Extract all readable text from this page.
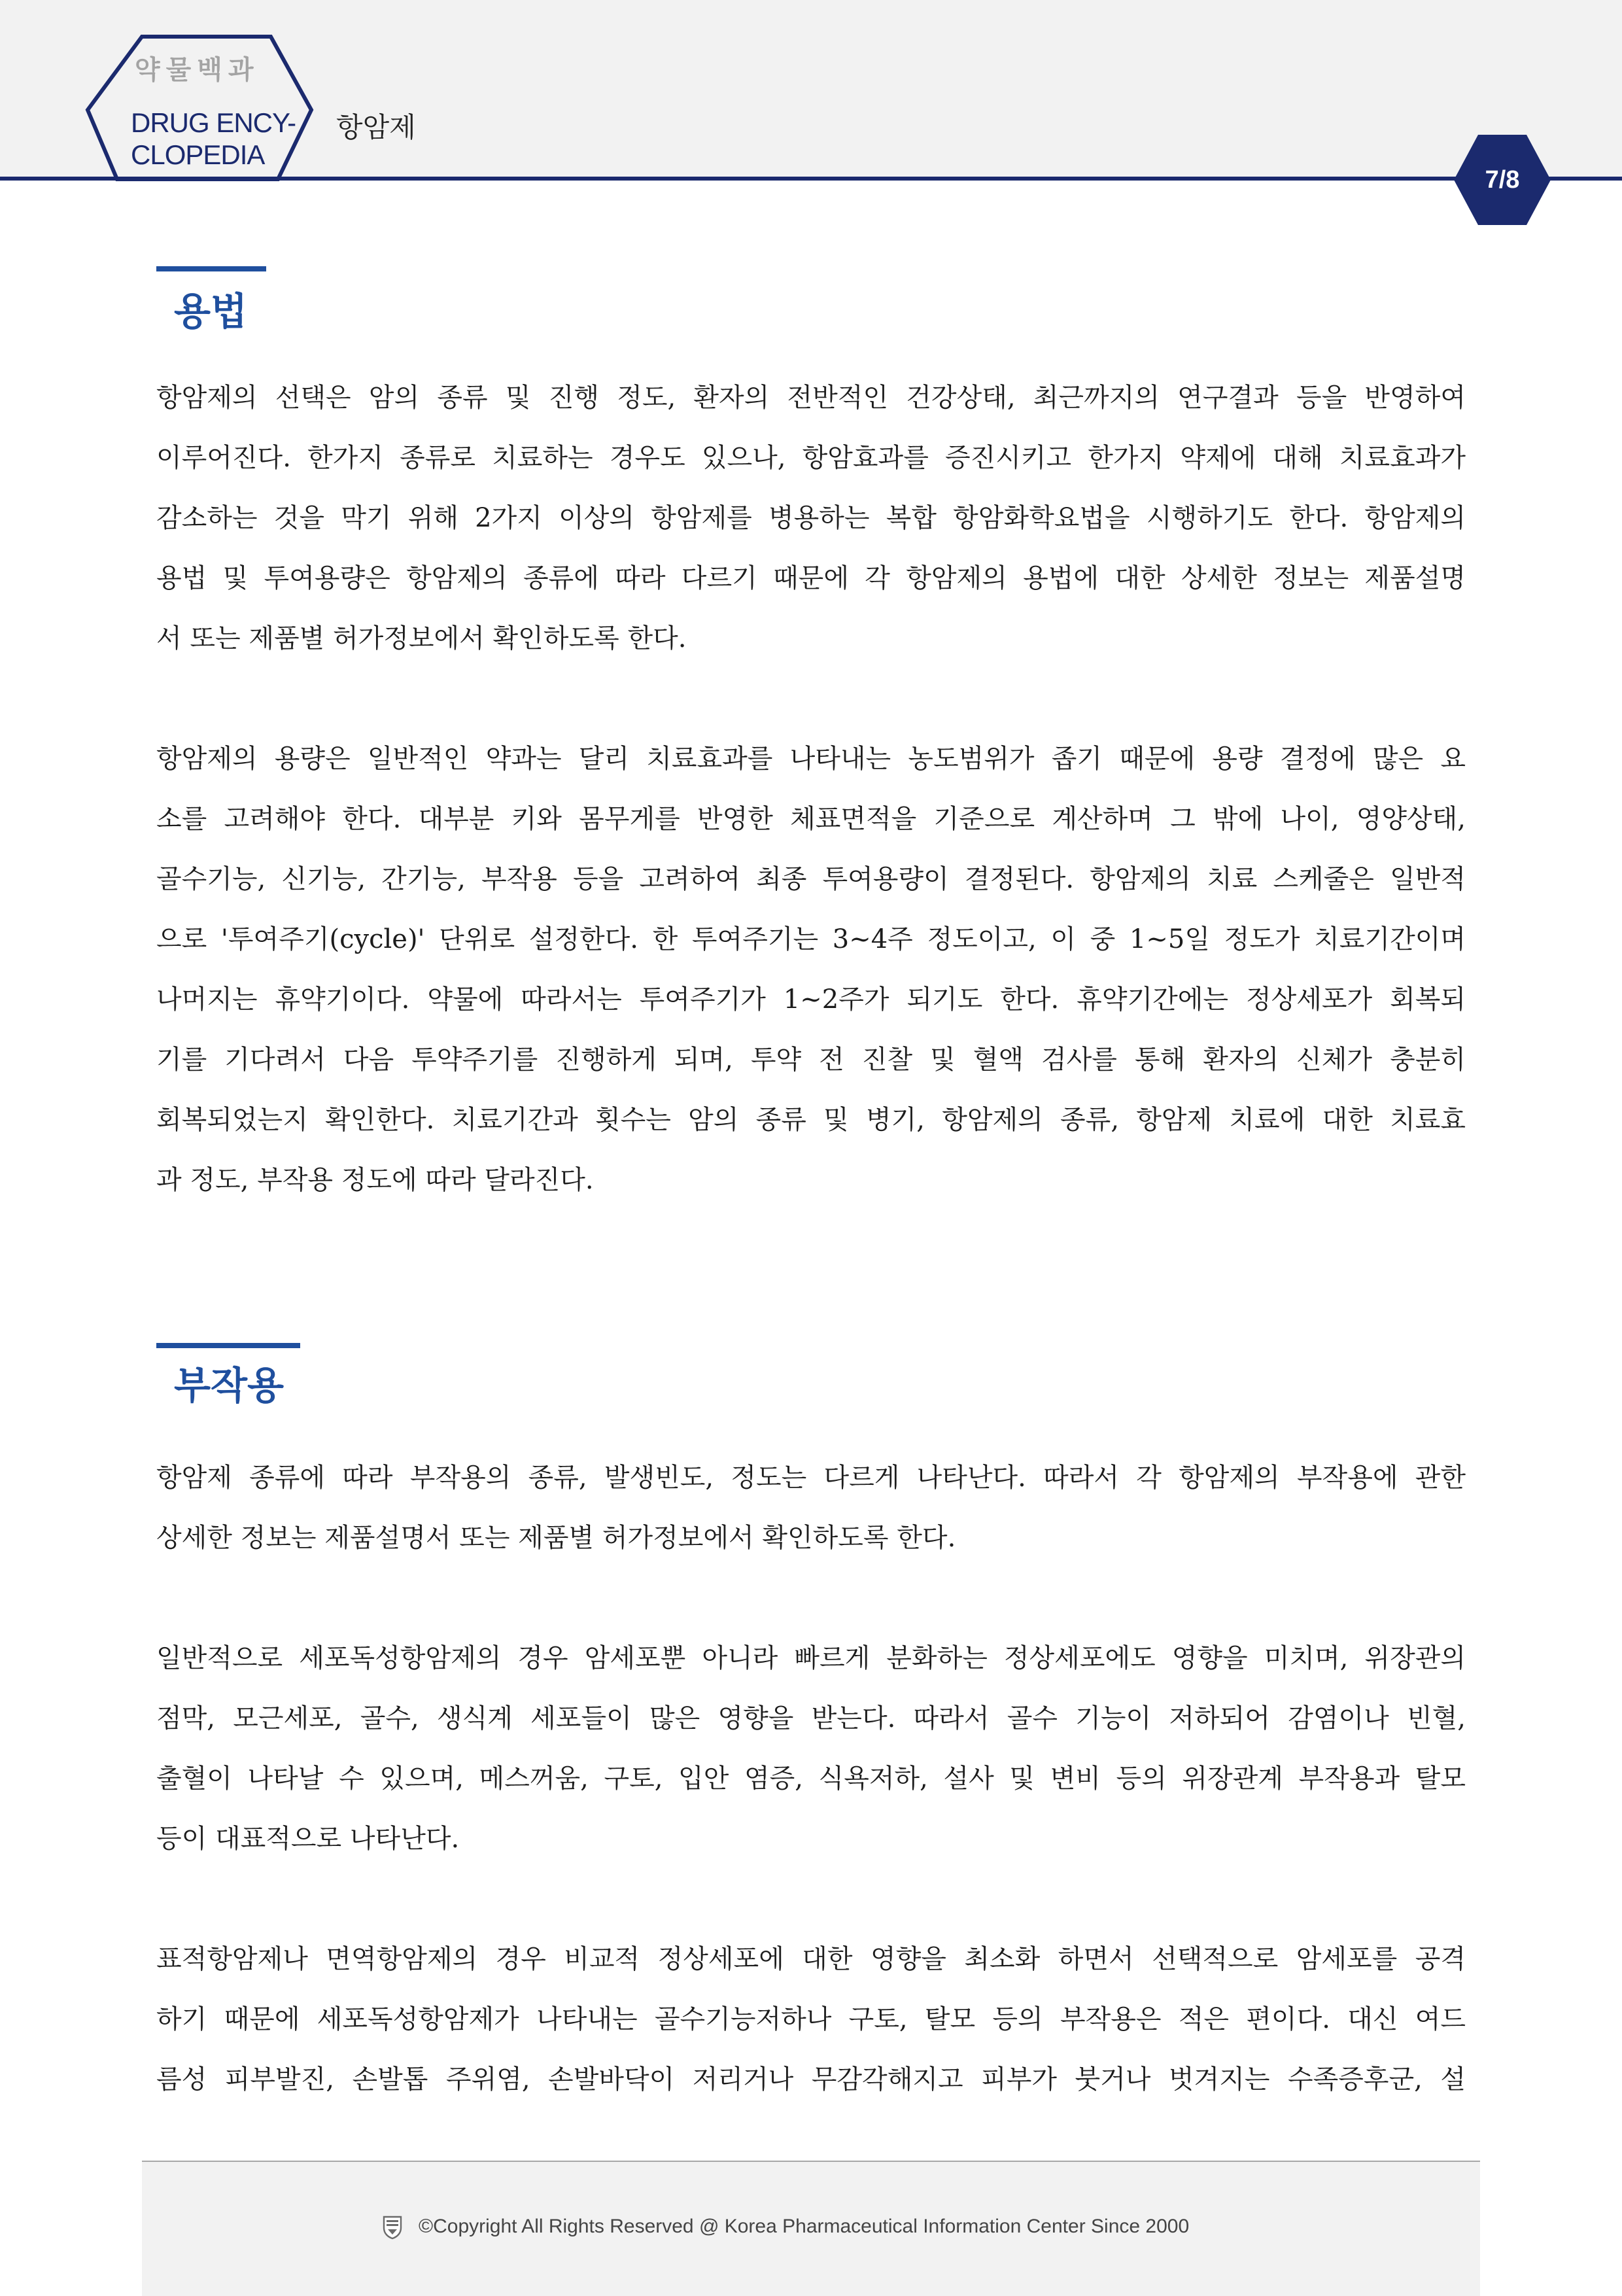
약물백과
DRUG ENCY-
CLOPEDIA
항암제
7/8
용법
항암제의 선택은 암의 종류 및 진행 정도, 환자의 전반적인 건강상태, 최근까지의 연구결과 등을 반영하여
이루어진다. 한가지 종류로 치료하는 경우도 있으나, 항암효과를 증진시키고 한가지 약제에 대해 치료효과가
감소하는 것을 막기 위해 2가지 이상의 항암제를 병용하는 복합 항암화학요법을 시행하기도 한다. 항암제의
용법 및 투여용량은 항암제의 종류에 따라 다르기 때문에 각 항암제의 용법에 대한 상세한 정보는 제품설명
서 또는 제품별 허가정보에서 확인하도록 한다.
항암제의 용량은 일반적인 약과는 달리 치료효과를 나타내는 농도범위가 좁기 때문에 용량 결정에 많은 요
소를 고려해야 한다. 대부분 키와 몸무게를 반영한 체표면적을 기준으로 계산하며 그 밖에 나이, 영양상태,
골수기능, 신기능, 간기능, 부작용 등을 고려하여 최종 투여용량이 결정된다. 항암제의 치료 스케줄은 일반적
으로 '투여주기(cycle)' 단위로 설정한다. 한 투여주기는 3~4주 정도이고, 이 중 1~5일 정도가 치료기간이며
나머지는 휴약기이다. 약물에 따라서는 투여주기가 1~2주가 되기도 한다. 휴약기간에는 정상세포가 회복되
기를 기다려서 다음 투약주기를 진행하게 되며, 투약 전 진찰 및 혈액 검사를 통해 환자의 신체가 충분히
회복되었는지 확인한다. 치료기간과 횟수는 암의 종류 및 병기, 항암제의 종류, 항암제 치료에 대한 치료효
과 정도, 부작용 정도에 따라 달라진다.
부작용
항암제 종류에 따라 부작용의 종류, 발생빈도, 정도는 다르게 나타난다. 따라서 각 항암제의 부작용에 관한
상세한 정보는 제품설명서 또는 제품별 허가정보에서 확인하도록 한다.
일반적으로 세포독성항암제의 경우 암세포뿐 아니라 빠르게 분화하는 정상세포에도 영향을 미치며, 위장관의
점막, 모근세포, 골수, 생식계 세포들이 많은 영향을 받는다. 따라서 골수 기능이 저하되어 감염이나 빈혈,
출혈이 나타날 수 있으며, 메스꺼움, 구토, 입안 염증, 식욕저하, 설사 및 변비 등의 위장관계 부작용과 탈모
등이 대표적으로 나타난다.
표적항암제나 면역항암제의 경우 비교적 정상세포에 대한 영향을 최소화 하면서 선택적으로 암세포를 공격
하기 때문에 세포독성항암제가 나타내는 골수기능저하나 구토, 탈모 등의 부작용은 적은 편이다. 대신 여드
름성 피부발진, 손발톱 주위염, 손발바닥이 저리거나 무감각해지고 피부가 붓거나 벗겨지는 수족증후군, 설
©Copyright All Rights Reserved @ Korea Pharmaceutical Information Center Since 2000
